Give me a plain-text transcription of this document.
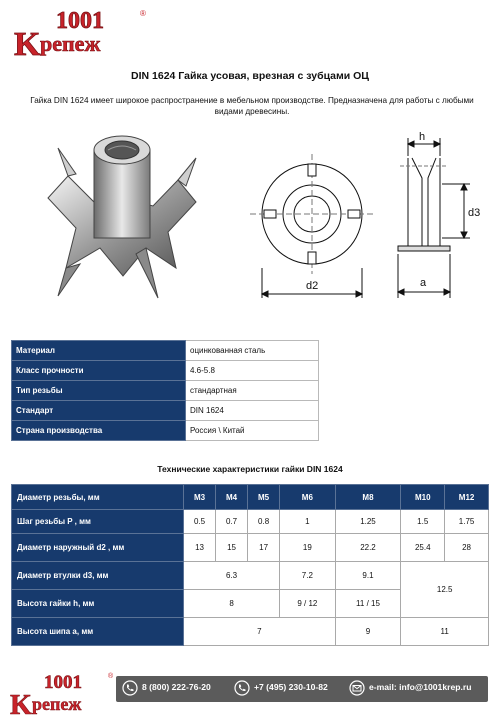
1001
K репеж
®
DIN 1624 Гайка усовая, врезная с зубцами ОЦ
Гайка DIN 1624 имеет широкое распространение в мебельном производстве. Предназначена для работы с любыми видами древесины.
h
d3
d2	a
Материал	оцинкованная сталь
Класс прочности	4.6-5.8
Тип резьбы	стандартная
Стандарт	DIN 1624
Страна производства	Россия \ Китай
Технические характеристики гайки DIN 1624
Диаметр резьбы, мм	M3	M4	M5	M6	M8	M10	M12
Шаг резьбы P , мм	0.5	0.7	0.8	1	1.25	1.5	1.75
Диаметр наружный d2 , мм	13	15	17	19	22.2	25.4	28
Диаметр втулки d3, мм	6.3			7.2	9.1	12.5	
Высота гайки h, мм	8			9 / 12	11 / 15		
Высота шипа a, мм	7				9	11	
1001
K репеж
®
8 (800) 222-76-20	+7 (495) 230-10-82	e-mail: info@1001krep.ru
